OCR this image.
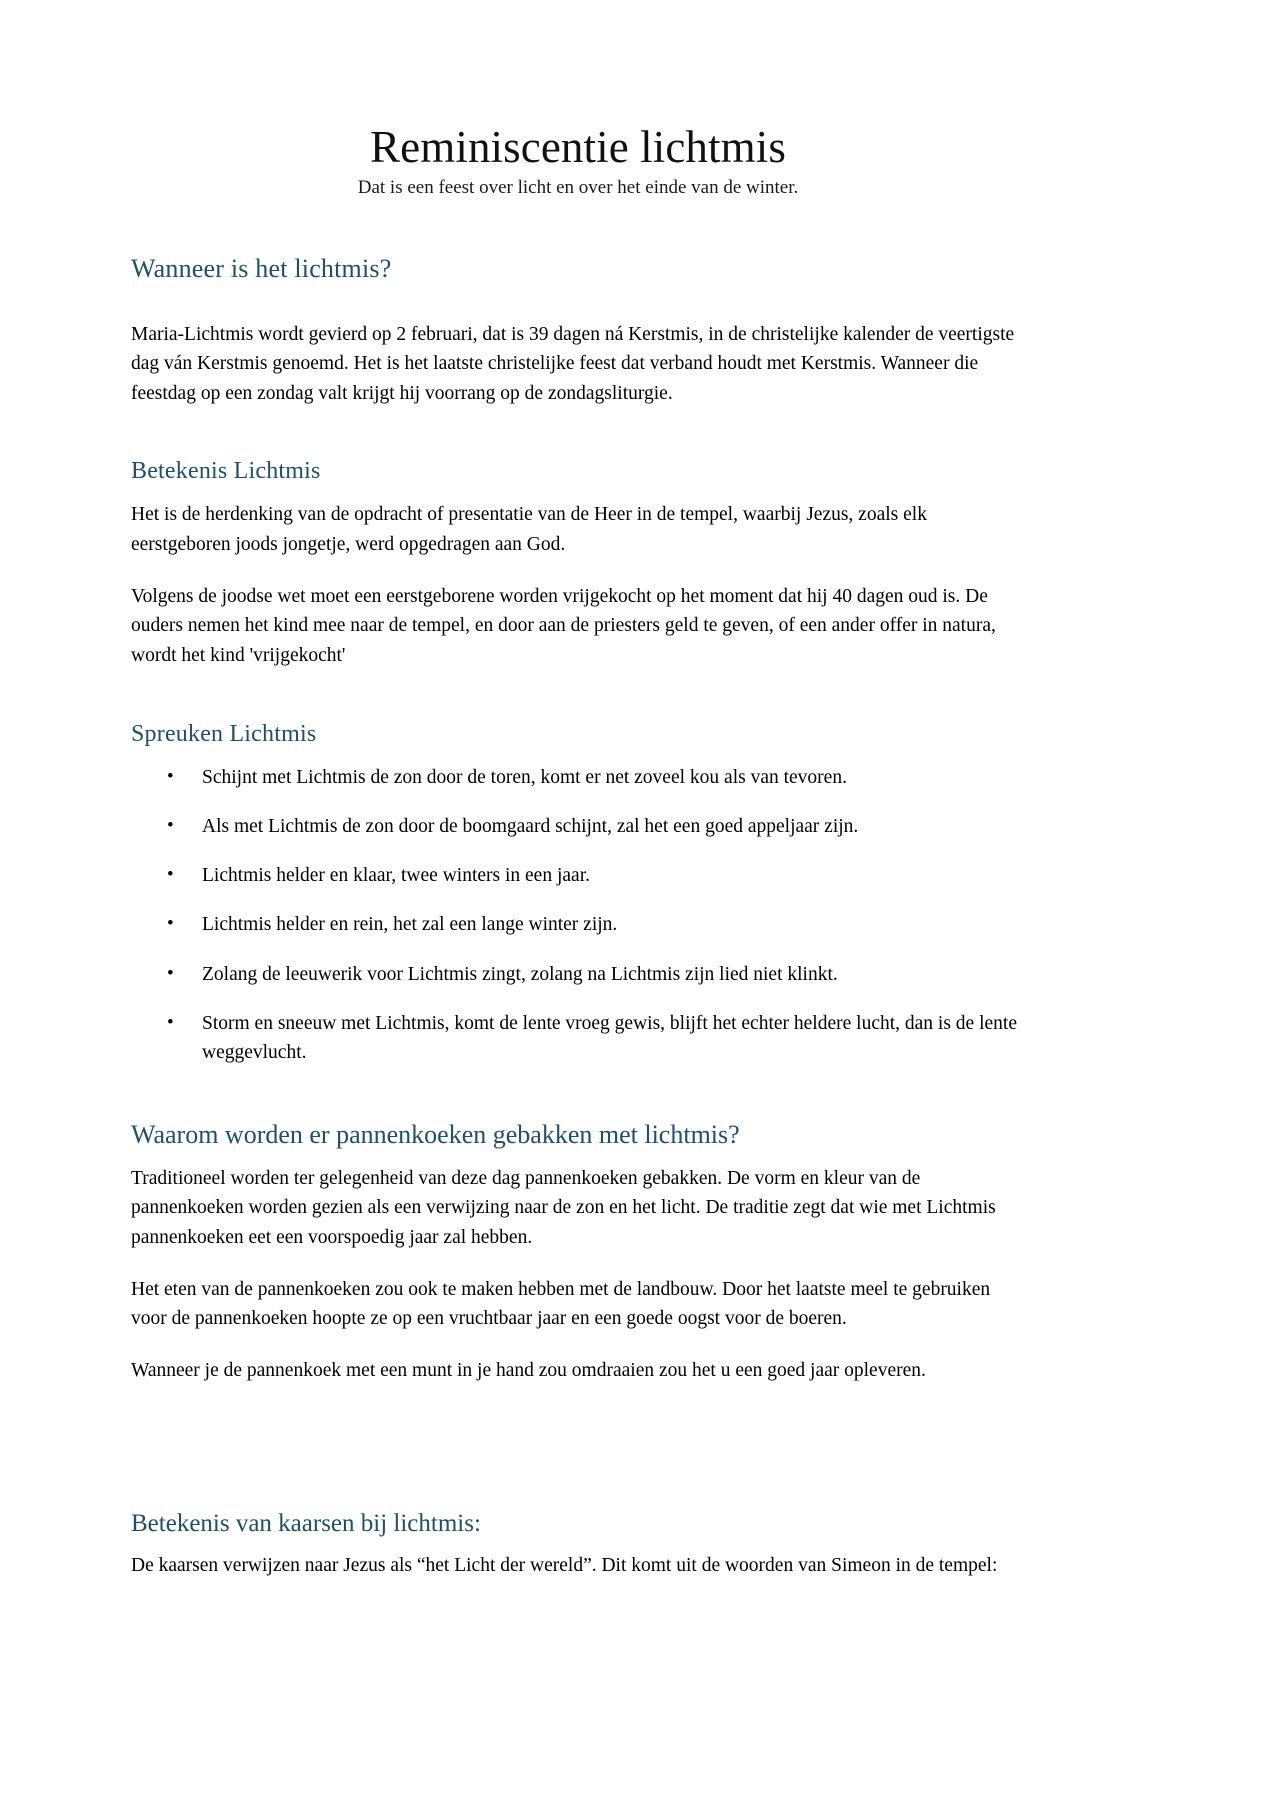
Reminiscentie lichtmis

Dat is een feest over licht en over het einde van de winter.

Wanneer is het lichtmis?

Maria-Lichtmis wordt gevierd op 2 februari, dat is 39 dagen ná Kerstmis, in de christelijke kalender de veertigste dag ván Kerstmis genoemd. Het is het laatste christelijke feest dat verband houdt met Kerstmis. Wanneer die feestdag op een zondag valt krijgt hij voorrang op de zondagsliturgie.

Betekenis Lichtmis

Het is de herdenking van de opdracht of presentatie van de Heer in de tempel, waarbij Jezus, zoals elk eerstgeboren joods jongetje, werd opgedragen aan God.

Volgens de joodse wet moet een eerstgeborene worden vrijgekocht op het moment dat hij 40 dagen oud is. De ouders nemen het kind mee naar de tempel, en door aan de priesters geld te geven, of een ander offer in natura, wordt het kind 'vrijgekocht'

Spreuken Lichtmis
• Schijnt met Lichtmis de zon door de toren, komt er net zoveel kou als van tevoren.
• Als met Lichtmis de zon door de boomgaard schijnt, zal het een goed appeljaar zijn.
• Lichtmis helder en klaar, twee winters in een jaar.
• Lichtmis helder en rein, het zal een lange winter zijn.
• Zolang de leeuwerik voor Lichtmis zingt, zolang na Lichtmis zijn lied niet klinkt.
• Storm en sneeuw met Lichtmis, komt de lente vroeg gewis, blijft het echter heldere lucht, dan is de lente weggevlucht.
Waarom worden er pannenkoeken gebakken met lichtmis?

Traditioneel worden ter gelegenheid van deze dag pannenkoeken gebakken. De vorm en kleur van de pannenkoeken worden gezien als een verwijzing naar de zon en het licht. De traditie zegt dat wie met Lichtmis pannenkoeken eet een voorspoedig jaar zal hebben.

Het eten van de pannenkoeken zou ook te maken hebben met de landbouw. Door het laatste meel te gebruiken voor de pannenkoeken hoopte ze op een vruchtbaar jaar en een goede oogst voor de boeren.

Wanneer je de pannenkoek met een munt in je hand zou omdraaien zou het u een goed jaar opleveren.

Betekenis van kaarsen bij lichtmis:

De kaarsen verwijzen naar Jezus als “het Licht der wereld”. Dit komt uit de woorden van Simeon in de tempel:
